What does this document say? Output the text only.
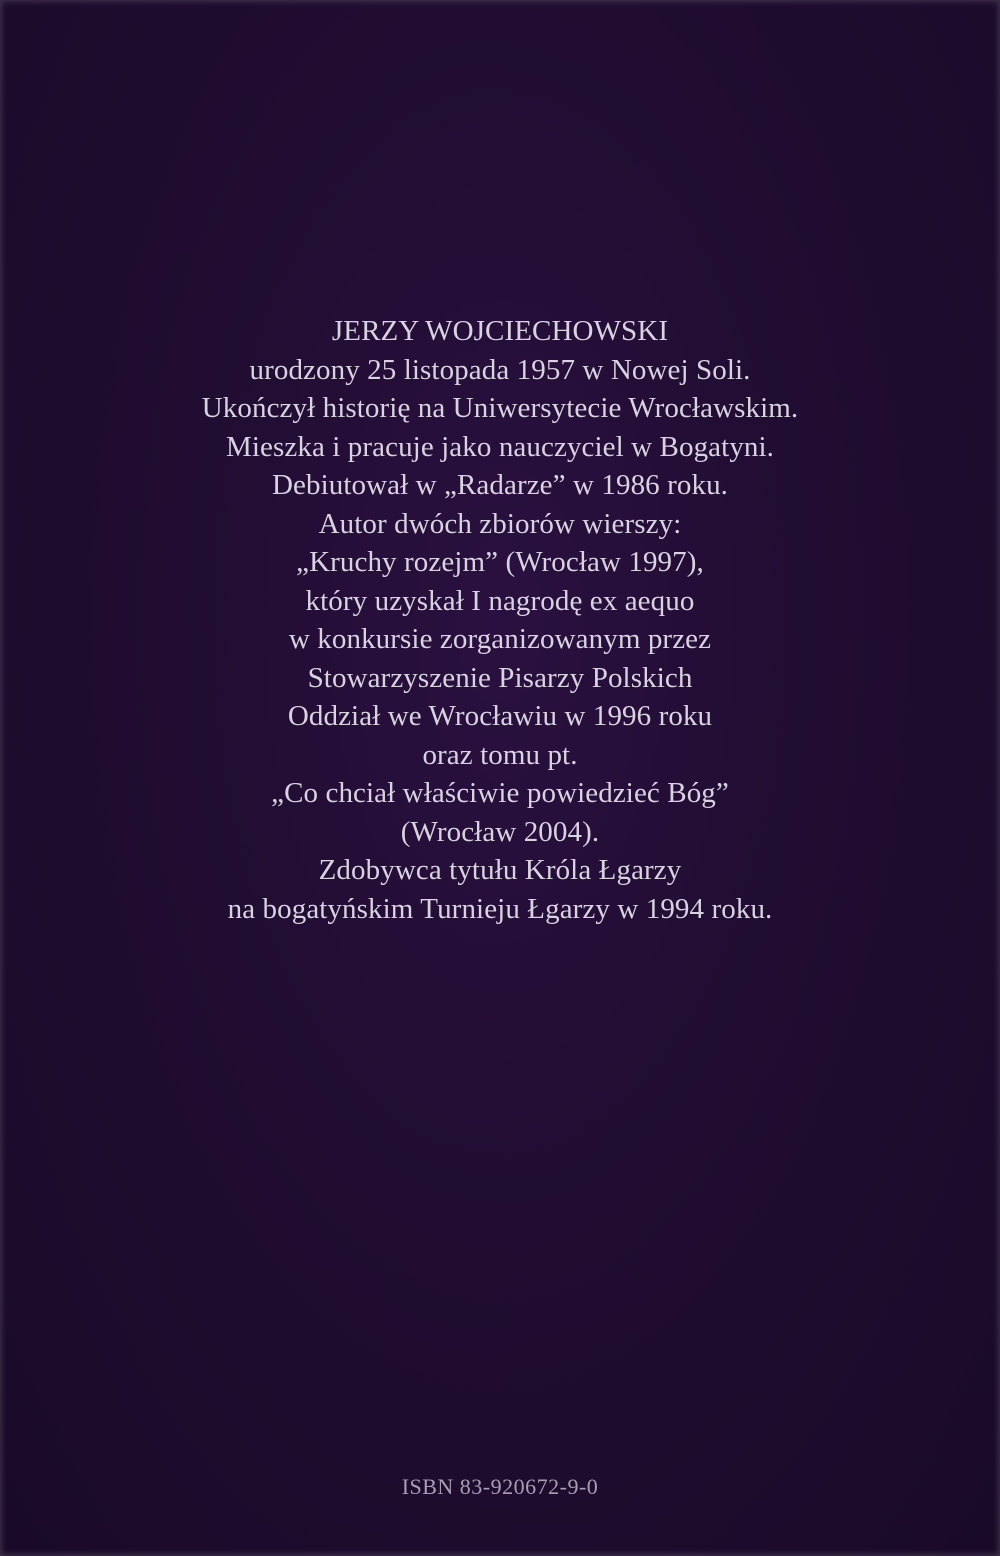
JERZY WOJCIECHOWSKI
urodzony 25 listopada 1957 w Nowej Soli.
Ukończył historię na Uniwersytecie Wrocławskim.
Mieszka i pracuje jako nauczyciel w Bogatyni.
Debiutował w „Radarze” w 1986 roku.
Autor dwóch zbiorów wierszy:
„Kruchy rozejm” (Wrocław 1997),
który uzyskał I nagrodę ex aequo
w konkursie zorganizowanym przez
Stowarzyszenie Pisarzy Polskich
Oddział we Wrocławiu w 1996 roku
oraz tomu pt.
„Co chciał właściwie powiedzieć Bóg”
(Wrocław 2004).
Zdobywca tytułu Króla Łgarzy
na bogatyńskim Turnieju Łgarzy w 1994 roku.
ISBN 83-920672-9-0
